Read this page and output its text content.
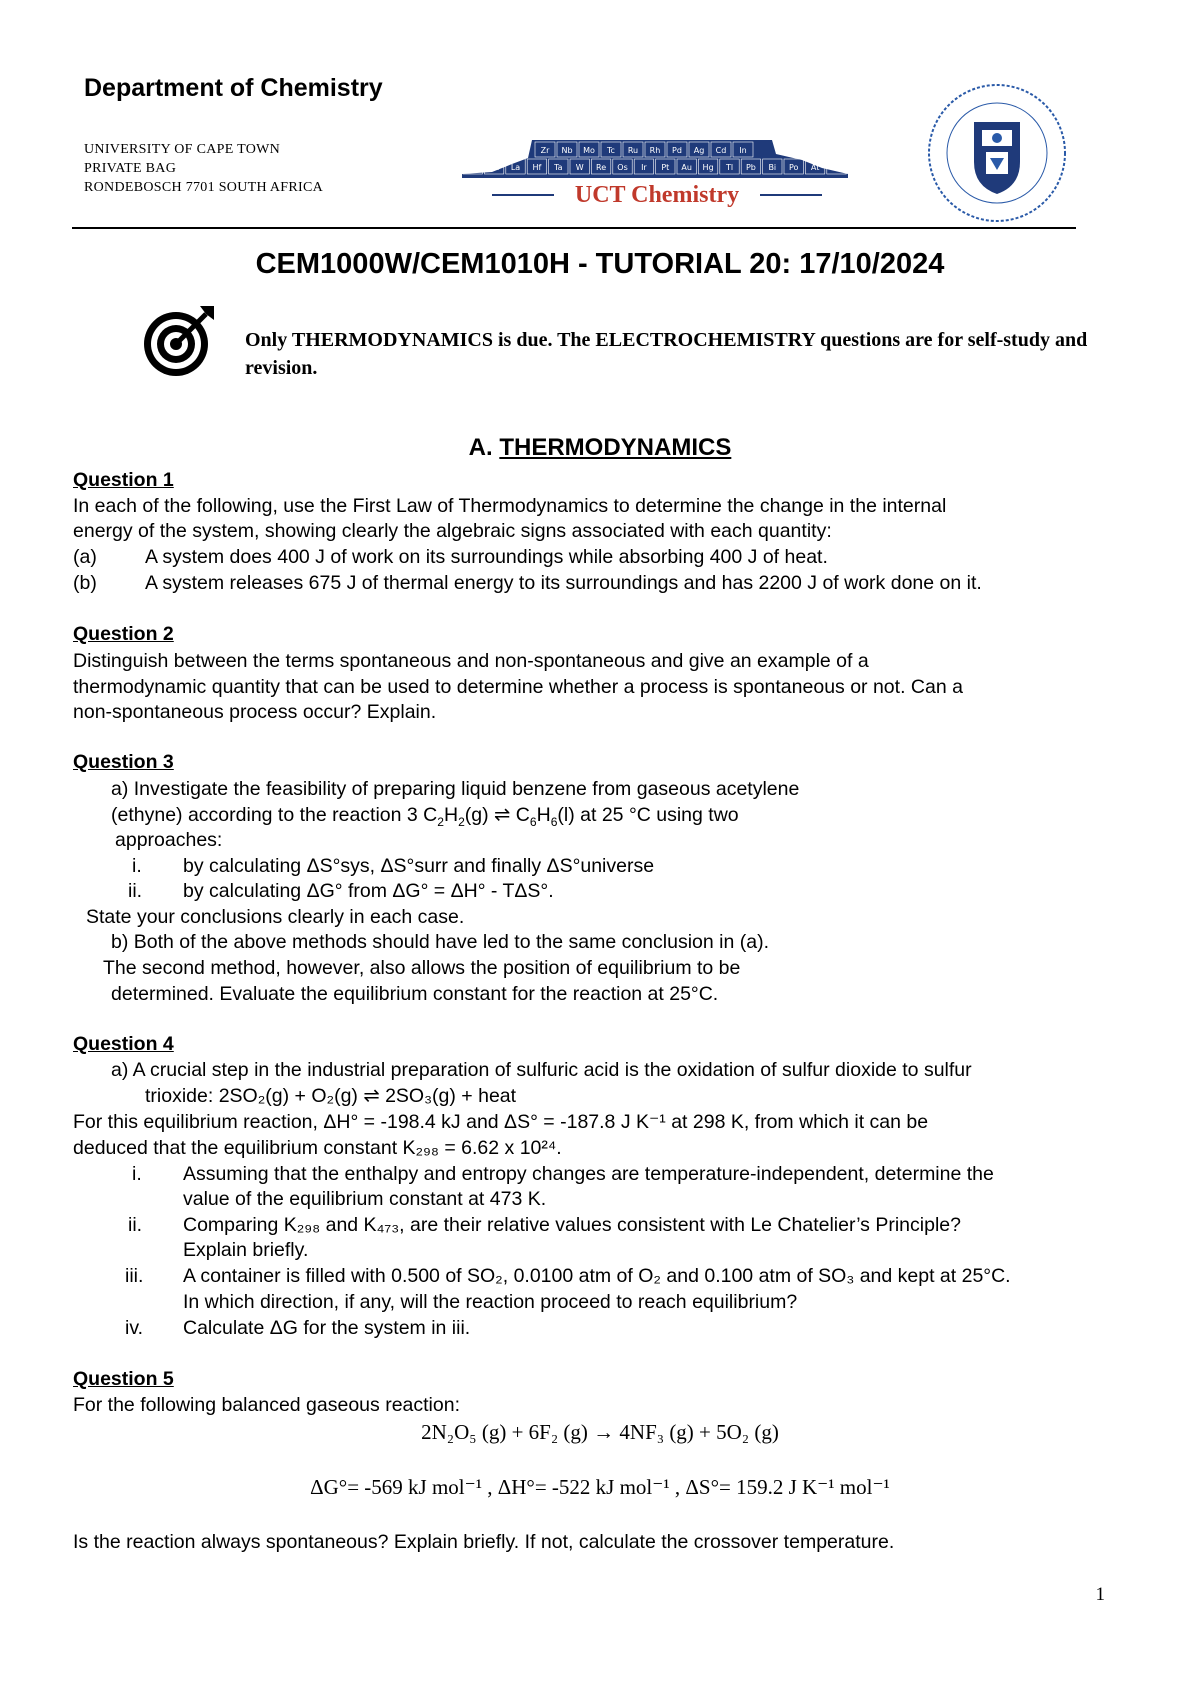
Department of Chemistry
UNIVERSITY OF CAPE TOWN
PRIVATE BAG
RONDEBOSCH 7701 SOUTH AFRICA
Zr Nb Mo Tc Ru Rh Pd Ag Cd In
Cs Ba La Hf Ta W Re Os Ir Pt Au Hg Tl Pb Bi Po At Rn
UCT Chemistry
CEM1000W/CEM1010H - TUTORIAL 20: 17/10/2024
Only THERMODYNAMICS is due. The ELECTROCHEMISTRY questions are for self-study and revision.
A. THERMODYNAMICS
Question 1
In each of the following, use the First Law of Thermodynamics to determine the change in the internal
energy of the system, showing clearly the algebraic signs associated with each quantity:
(a) A system does 400 J of work on its surroundings while absorbing 400 J of heat.
(b) A system releases 675 J of thermal energy to its surroundings and has 2200 J of work done on it.
Question 2
Distinguish between the terms spontaneous and non-spontaneous and give an example of a
thermodynamic quantity that can be used to determine whether a process is spontaneous or not. Can a
non-spontaneous process occur? Explain.
Question 3
a) Investigate the feasibility of preparing liquid benzene from gaseous acetylene
(ethyne) according to the reaction 3 $C_2H_2(g)$ ⇌ $C_6H_6(l)$ at 25 °C using two
approaches:
i. by calculating ΔS°sys, ΔS°surr and finally ΔS°universe
ii. by calculating ΔG° from ΔG° = ΔH° - TΔS°.
State your conclusions clearly in each case.
b) Both of the above methods should have led to the same conclusion in (a).
The second method, however, also allows the position of equilibrium to be
determined. Evaluate the equilibrium constant for the reaction at 25°C.
Question 4
a) A crucial step in the industrial preparation of sulfuric acid is the oxidation of sulfur dioxide to sulfur
trioxide: 2SO₂(g) + O₂(g) ⇌ 2SO₃(g) + heat
For this equilibrium reaction, ΔH° = -198.4 kJ and ΔS° = -187.8 J K⁻¹ at 298 K, from which it can be
deduced that the equilibrium constant K₂₉₈ = 6.62 x 10²⁴.
i. Assuming that the enthalpy and entropy changes are temperature-independent, determine the
value of the equilibrium constant at 473 K.
ii. Comparing K₂₉₈ and K₄₇₃, are their relative values consistent with Le Chatelier’s Principle?
Explain briefly.
iii. A container is filled with 0.500 of SO₂, 0.0100 atm of O₂ and 0.100 atm of SO₃ and kept at 25°C.
In which direction, if any, will the reaction proceed to reach equilibrium?
iv. Calculate ΔG for the system in iii.
Question 5
For the following balanced gaseous reaction:
2N₂O₅ (g) + 6F₂ (g) → 4NF₃ (g) + 5O₂ (g)
ΔG°= -569 kJ mol⁻¹ , ΔH°= -522 kJ mol⁻¹ , ΔS°= 159.2 J K⁻¹ mol⁻¹
Is the reaction always spontaneous? Explain briefly. If not, calculate the crossover temperature.
1
